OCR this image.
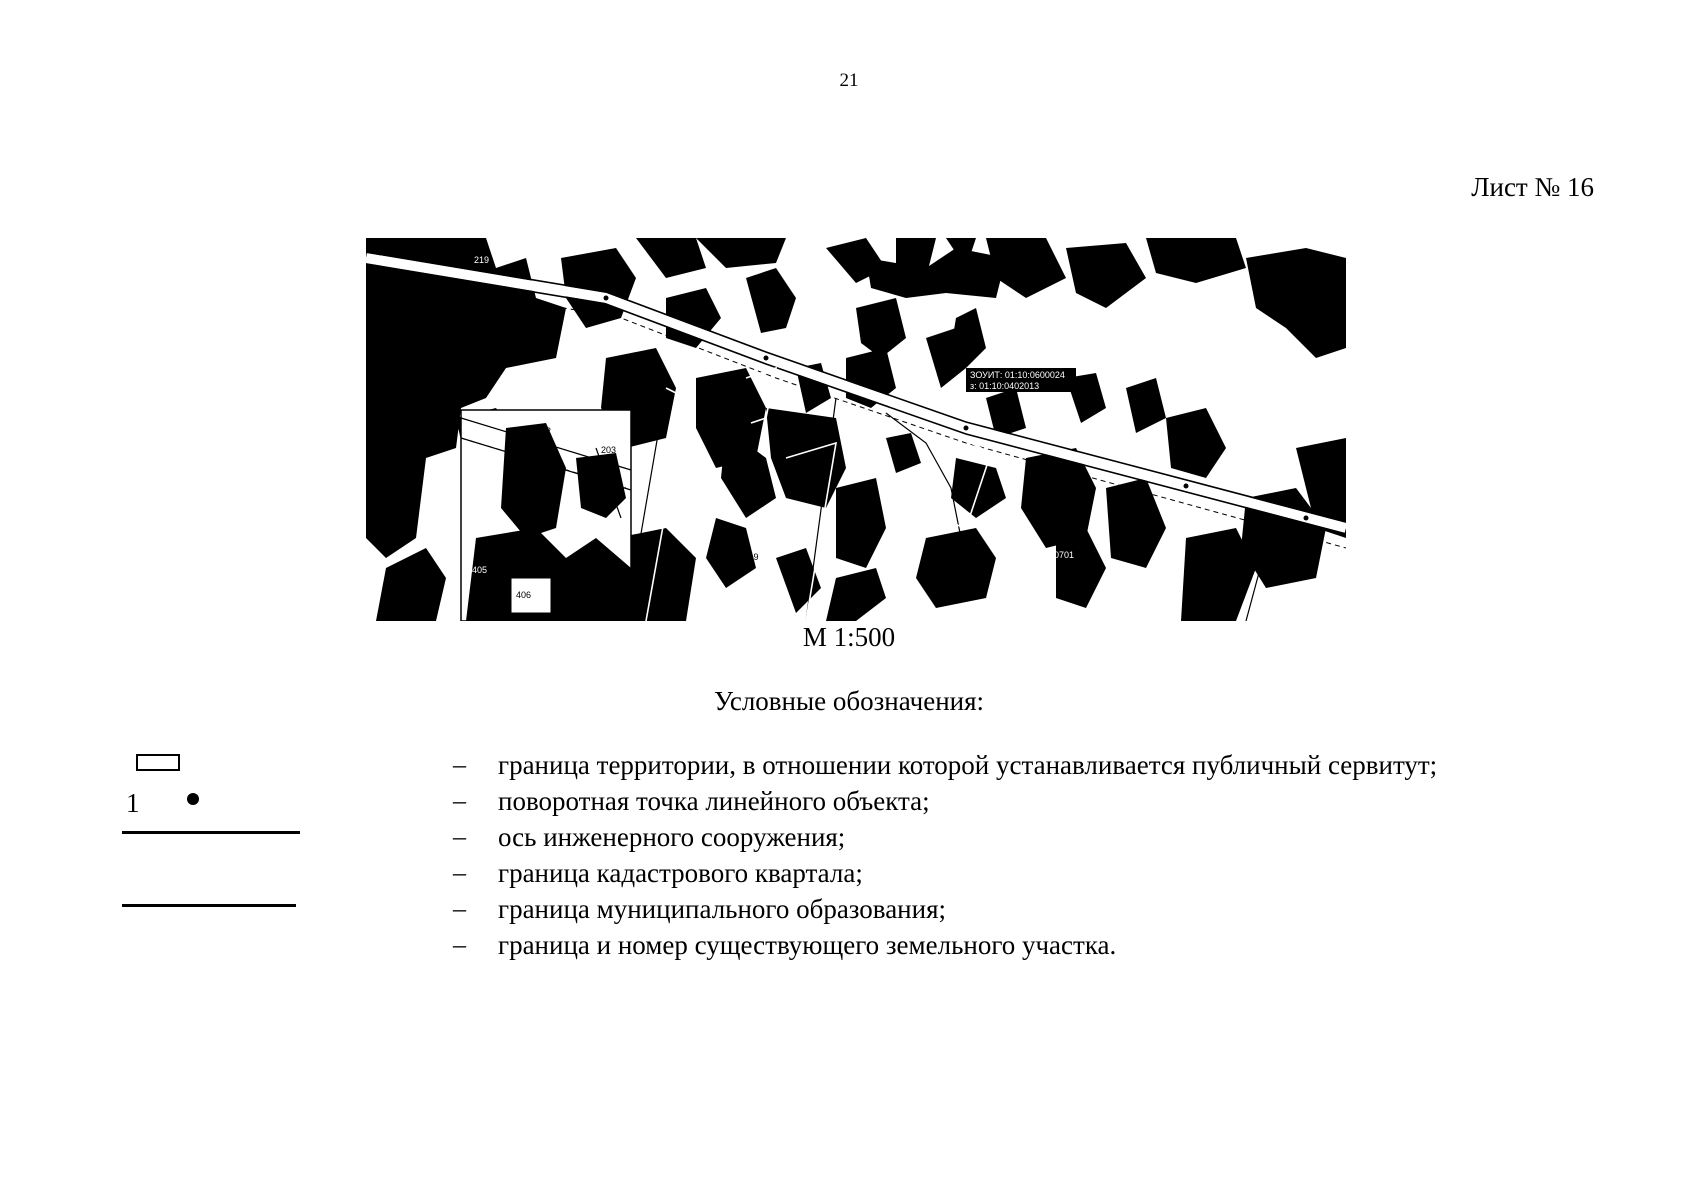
21
Лист № 16
ЗОУИТ: 01:10:0600024
з: 01:10:0402013
219
01:10:0400701
232
202
203
406
1:19
109
403
405
М 1:500
Условные обозначения:
1
– граница территории, в отношении которой устанавливается публичный сервитут;
– поворотная точка линейного объекта;
– ось инженерного сооружения;
– граница кадастрового квартала;
– граница муниципального образования;
– граница и номер существующего земельного участка.
